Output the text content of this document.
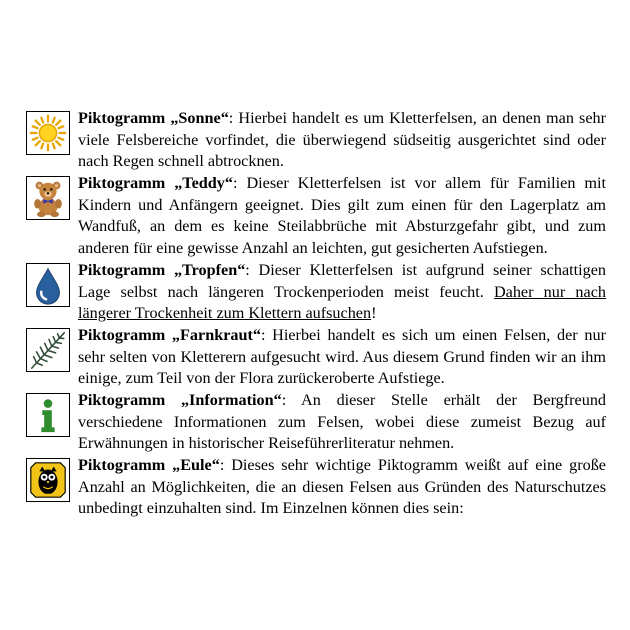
Piktogramm „Sonne“: Hierbei handelt es um Kletterfelsen, an denen man sehr viele Felsbereiche vorfindet, die überwiegend südseitig ausgerichtet sind oder nach Regen schnell abtrocknen.
Piktogramm „Teddy“: Dieser Kletterfelsen ist vor allem für Familien mit Kindern und Anfängern geeignet. Dies gilt zum einen für den Lagerplatz am Wandfuß, an dem es keine Steilabbrüche mit Absturzgefahr gibt, und zum anderen für eine gewisse Anzahl an leichten, gut gesicherten Aufstiegen.
Piktogramm „Tropfen“: Dieser Kletterfelsen ist aufgrund seiner schattigen Lage selbst nach längeren Trockenperioden meist feucht. Daher nur nach längerer Trockenheit zum Klettern aufsuchen!
Piktogramm „Farnkraut“: Hierbei handelt es sich um einen Felsen, der nur sehr selten von Kletterern aufgesucht wird. Aus diesem Grund finden wir an ihm einige, zum Teil von der Flora zurückeroberte Aufstiege.
Piktogramm „Information“: An dieser Stelle erhält der Bergfreund verschiedene Informationen zum Felsen, wobei diese zumeist Bezug auf Erwähnungen in historischer Reiseführerliteratur nehmen.
Piktogramm „Eule“: Dieses sehr wichtige Piktogramm weißt auf eine große Anzahl an Möglichkeiten, die an diesen Felsen aus Gründen des Naturschutzes unbedingt einzuhalten sind. Im Einzelnen können dies sein:
